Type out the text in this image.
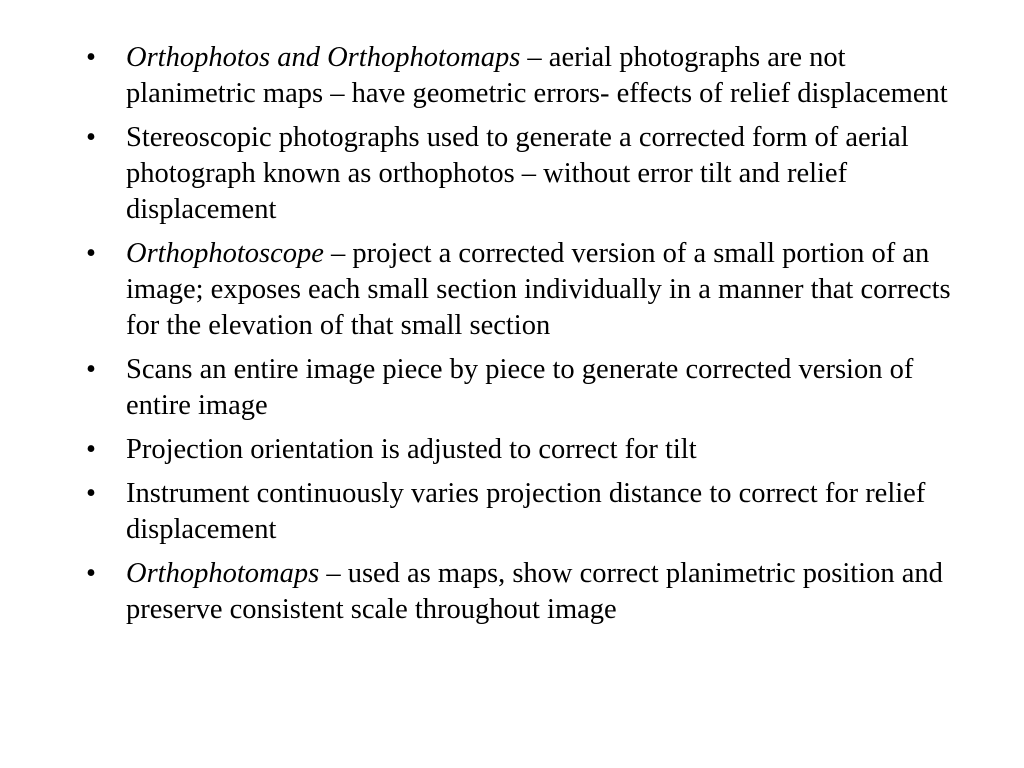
• Orthophotos and Orthophotomaps – aerial photographs are not planimetric maps – have geometric errors- effects of relief displacement
• Stereoscopic photographs used to generate a corrected form of aerial photograph known as orthophotos – without error tilt and relief displacement
• Orthophotoscope – project a corrected version of a small portion of an image; exposes each small section individually in a manner that corrects for the elevation of that small section
• Scans an entire image piece by piece to generate corrected version of entire image
• Projection orientation is adjusted to correct for tilt
• Instrument continuously varies projection distance to correct for relief displacement
• Orthophotomaps – used as maps, show correct planimetric position and preserve consistent scale throughout image
